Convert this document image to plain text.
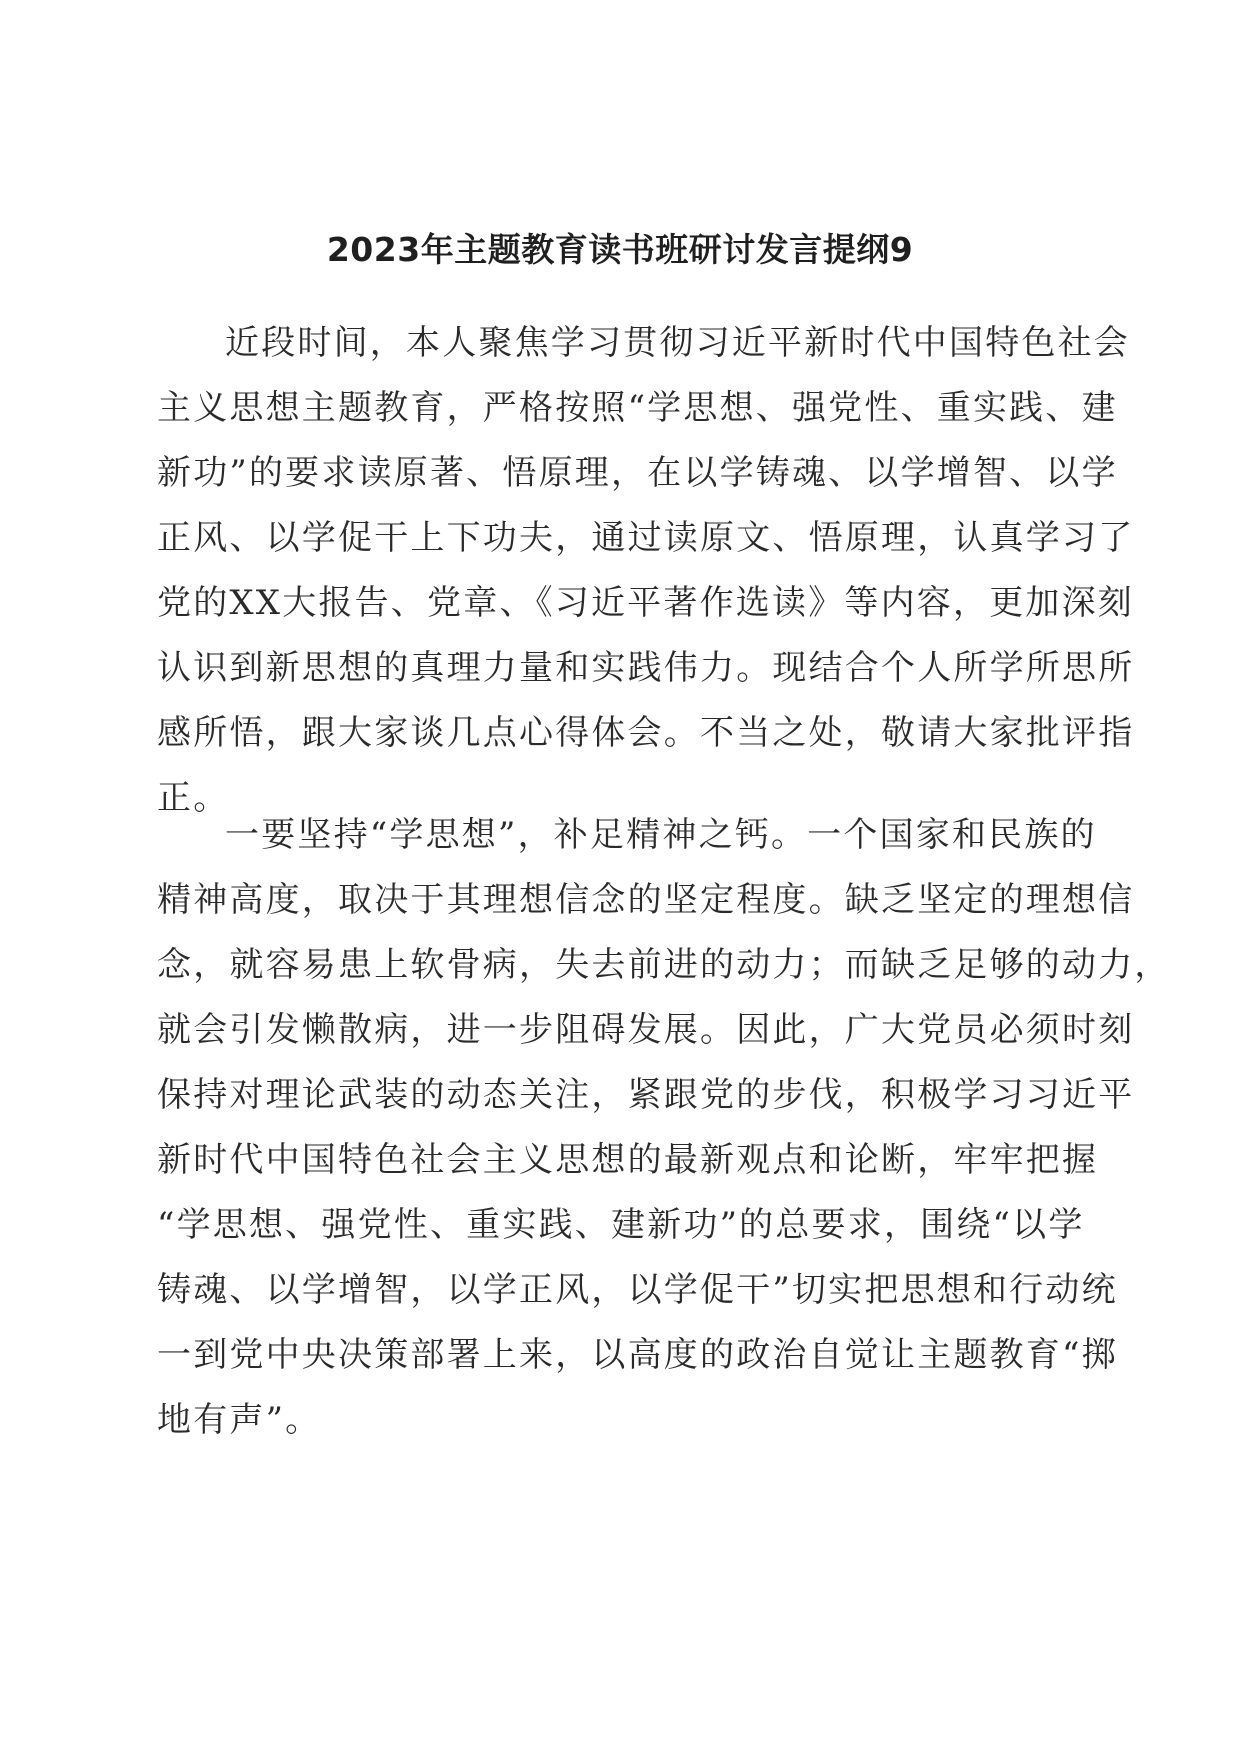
2023年主题教育读书班研讨发言提纲9
近段时间，本人聚焦学习贯彻习近平新时代中国特色社会
主义思想主题教育，严格按照“学思想、强党性、重实践、建
新功”的要求读原著、悟原理，在以学铸魂、以学增智、以学
正风、以学促干上下功夫，通过读原文、悟原理，认真学习了
党的XX大报告、党章、《习近平著作选读》等内容，更加深刻
认识到新思想的真理力量和实践伟力。现结合个人所学所思所
感所悟，跟大家谈几点心得体会。不当之处，敬请大家批评指
正。
一要坚持“学思想”，补足精神之钙。一个国家和民族的
精神高度，取决于其理想信念的坚定程度。缺乏坚定的理想信
念，就容易患上软骨病，失去前进的动力；而缺乏足够的动力，
就会引发懒散病，进一步阻碍发展。因此，广大党员必须时刻
保持对理论武装的动态关注，紧跟党的步伐，积极学习习近平
新时代中国特色社会主义思想的最新观点和论断，牢牢把握
“学思想、强党性、重实践、建新功”的总要求，围绕“以学
铸魂、以学增智，以学正风，以学促干”切实把思想和行动统
一到党中央决策部署上来，以高度的政治自觉让主题教育“掷
地有声”。
